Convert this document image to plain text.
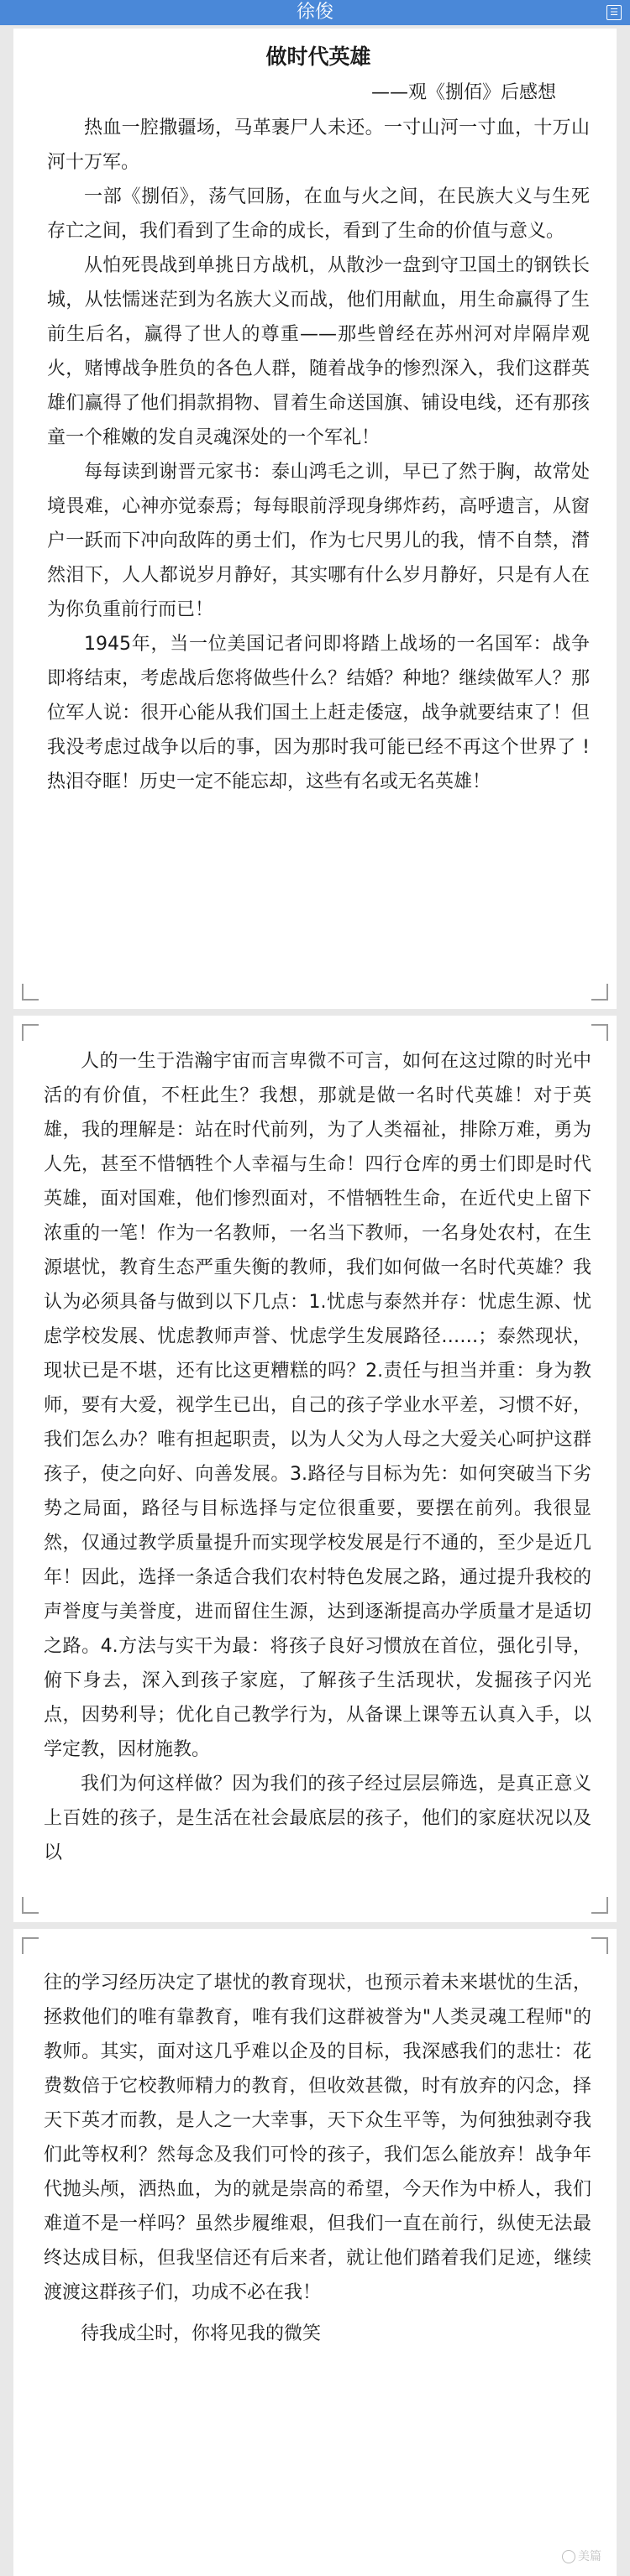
徐俊	☰

做时代英雄

——观《捌佰》后感想

热血一腔撒疆场，马革裹尸人未还。一寸山河一寸血，十万山河十万军。

一部《捌佰》，荡气回肠，在血与火之间，在民族大义与生死存亡之间，我们看到了生命的成长，看到了生命的价值与意义。

从怕死畏战到单挑日方战机，从散沙一盘到守卫国土的钢铁长城，从怯懦迷茫到为名族大义而战，他们用献血，用生命赢得了生前生后名，赢得了世人的尊重——那些曾经在苏州河对岸隔岸观火，赌博战争胜负的各色人群，随着战争的惨烈深入，我们这群英雄们赢得了他们捐款捐物、冒着生命送国旗、铺设电线，还有那孩童一个稚嫩的发自灵魂深处的一个军礼！

每每读到谢晋元家书：泰山鸿毛之训，早已了然于胸，故常处境畏难，心神亦觉泰焉；每每眼前浮现身绑炸药，高呼遗言，从窗户一跃而下冲向敌阵的勇士们，作为七尺男儿的我，情不自禁，潸然泪下，人人都说岁月静好，其实哪有什么岁月静好，只是有人在为你负重前行而已！

1945年，当一位美国记者问即将踏上战场的一名国军：战争即将结束，考虑战后您将做些什么？结婚？种地？继续做军人？那位军人说：很开心能从我们国土上赶走倭寇，战争就要结束了！但我没考虑过战争以后的事，因为那时我可能已经不再这个世界了 !热泪夺眶！历史一定不能忘却，这些有名或无名英雄！

人的一生于浩瀚宇宙而言卑微不可言，如何在这过隙的时光中活的有价值，不枉此生？我想，那就是做一名时代英雄！对于英雄，我的理解是：站在时代前列，为了人类福祉，排除万难，勇为人先，甚至不惜牺牲个人幸福与生命！四行仓库的勇士们即是时代英雄，面对国难，他们惨烈面对，不惜牺牲生命，在近代史上留下浓重的一笔！作为一名教师，一名当下教师，一名身处农村，在生源堪忧，教育生态严重失衡的教师，我们如何做一名时代英雄？我认为必须具备与做到以下几点：1.忧虑与泰然并存：忧虑生源、忧虑学校发展、忧虑教师声誉、忧虑学生发展路径……；泰然现状，现状已是不堪，还有比这更糟糕的吗？2.责任与担当并重：身为教师，要有大爱，视学生已出，自己的孩子学业水平差，习惯不好，我们怎么办？唯有担起职责，以为人父为人母之大爱关心呵护这群孩子，使之向好、向善发展。3.路径与目标为先：如何突破当下劣势之局面，路径与目标选择与定位很重要，要摆在前列。我很显然，仅通过教学质量提升而实现学校发展是行不通的，至少是近几年！因此，选择一条适合我们农村特色发展之路，通过提升我校的声誉度与美誉度，进而留住生源，达到逐渐提高办学质量才是适切之路。4.方法与实干为最：将孩子良好习惯放在首位，强化引导，俯下身去，深入到孩子家庭，了解孩子生活现状，发掘孩子闪光点，因势利导；优化自己教学行为，从备课上课等五认真入手，以学定教，因材施教。

我们为何这样做？因为我们的孩子经过层层筛选，是真正意义上百姓的孩子，是生活在社会最底层的孩子，他们的家庭状况以及以

往的学习经历决定了堪忧的教育现状，也预示着未来堪忧的生活，拯救他们的唯有靠教育，唯有我们这群被誉为"人类灵魂工程师"的教师。其实，面对这几乎难以企及的目标，我深感我们的悲壮：花费数倍于它校教师精力的教育，但收效甚微，时有放弃的闪念，择天下英才而教，是人之一大幸事，天下众生平等，为何独独剥夺我们此等权利？然每念及我们可怜的孩子，我们怎么能放弃！战争年代抛头颅，洒热血，为的就是崇高的希望，今天作为中桥人，我们难道不是一样吗？虽然步履维艰，但我们一直在前行，纵使无法最终达成目标，但我坚信还有后来者，就让他们踏着我们足迹，继续渡渡这群孩子们，功成不必在我！

待我成尘时，你将见我的微笑

美篇
